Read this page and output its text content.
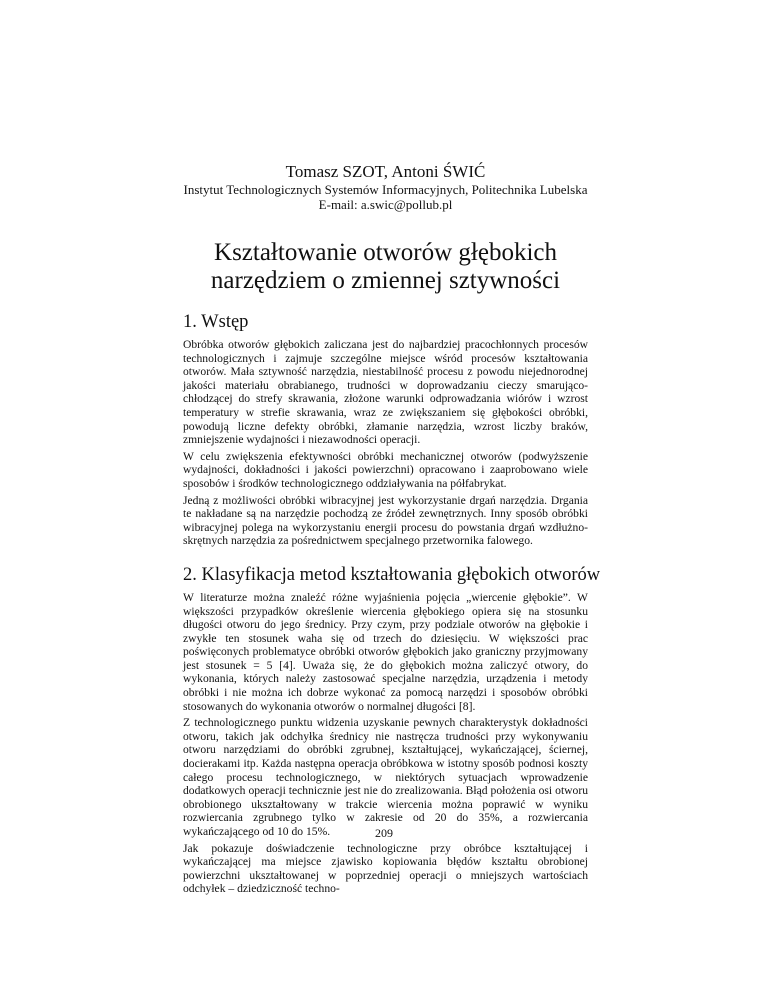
Tomasz SZOT, Antoni ŚWIĆ
Instytut Technologicznych Systemów Informacyjnych, Politechnika Lubelska
E-mail: a.swic@pollub.pl
Kształtowanie otworów głębokich
narzędziem o zmiennej sztywności
1. Wstęp

Obróbka otworów głębokich zaliczana jest do najbardziej pracochłonnych procesów technologicznych i zajmuje szczególne miejsce wśród procesów kształtowania otworów. Mała sztywność narzędzia, niestabilność procesu z powodu niejednorodnej jakości materiału obrabianego, trudności w doprowadzaniu cieczy smarująco-chłodzącej do strefy skrawania, złożone warunki odprowadzania wiórów i wzrost temperatury w strefie skrawania, wraz ze zwiększaniem się głębokości obróbki, powodują liczne defekty obróbki, złamanie narzędzia, wzrost liczby braków, zmniejszenie wydajności i niezawodności operacji.

W celu zwiększenia efektywności obróbki mechanicznej otworów (podwyższenie wydajności, dokładności i jakości powierzchni) opracowano i zaaprobowano wiele sposobów i środków technologicznego oddziaływania na półfabrykat.

Jedną z możliwości obróbki wibracyjnej jest wykorzystanie drgań narzędzia. Drgania te nakładane są na narzędzie pochodzą ze źródeł zewnętrznych. Inny sposób obróbki wibracyjnej polega na wykorzystaniu energii procesu do powstania drgań wzdłużno-skrętnych narzędzia za pośrednictwem specjalnego przetwornika falowego.

2. Klasyfikacja metod kształtowania głębokich otworów

W literaturze można znaleźć różne wyjaśnienia pojęcia „wiercenie głębokie”. W większości przypadków określenie wiercenia głębokiego opiera się na stosunku długości otworu do jego średnicy. Przy czym, przy podziale otworów na głębokie i zwykłe ten stosunek waha się od trzech do dziesięciu. W większości prac poświęconych problematyce obróbki otworów głębokich jako graniczny przyjmowany jest stosunek = 5 [4]. Uważa się, że do głębokich można zaliczyć otwory, do wykonania, których należy zastosować specjalne narzędzia, urządzenia i metody obróbki i nie można ich dobrze wykonać za pomocą narzędzi i sposobów obróbki stosowanych do wykonania otworów o normalnej długości [8].

Z technologicznego punktu widzenia uzyskanie pewnych charakterystyk dokładności otworu, takich jak odchyłka średnicy nie nastręcza trudności przy wykonywaniu otworu narzędziami do obróbki zgrubnej, kształtującej, wykańczającej, ściernej, docierakami itp. Każda następna operacja obróbkowa w istotny sposób podnosi koszty całego procesu technologicznego, w niektórych sytuacjach wprowadzenie dodatkowych operacji technicznie jest nie do zrealizowania. Błąd położenia osi otworu obrobionego ukształtowany w trakcie wiercenia można poprawić w wyniku rozwiercania zgrubnego tylko w zakresie od 20 do 35%, a rozwiercania wykańczającego od 10 do 15%.

Jak pokazuje doświadczenie technologiczne przy obróbce kształtującej i wykańczającej ma miejsce zjawisko kopiowania błędów kształtu obrobionej powierzchni ukształtowanej w poprzedniej operacji o mniejszych wartościach odchyłek – dziedziczność techno-

209
